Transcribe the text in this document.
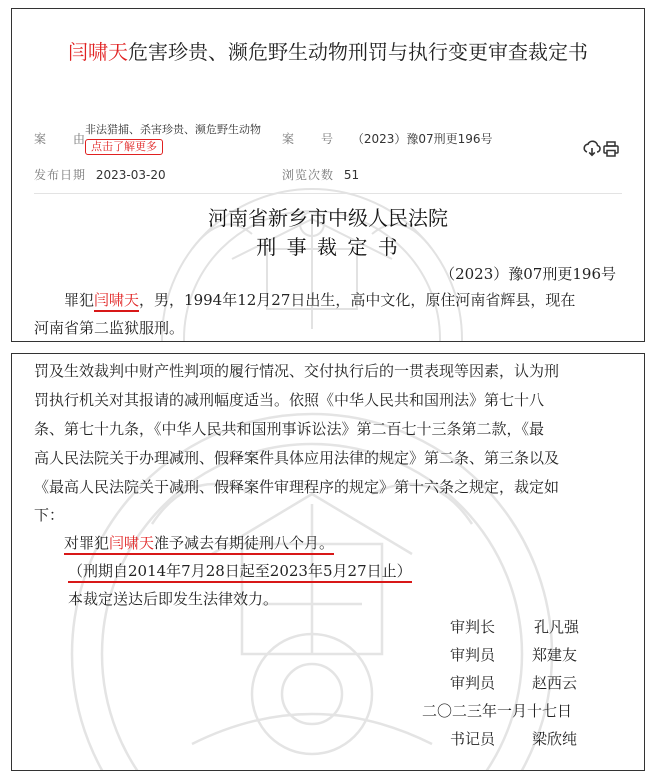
闫啸天危害珍贵、濒危野生动物刑罚与执行变更审查裁定书
案　　由
非法猎捕、杀害珍贵、濒危野生动物
点击了解更多
案　　号 （2023）豫07刑更196号
发布日期 2023-03-20	浏览次数 51
河南省新乡市中级人民法院
刑 事 裁 定 书
（2023）豫07刑更196号
罪犯闫啸天，男，1994年12月27日出生，高中文化，原住河南省辉县，现在
河南省第二监狱服刑。
罚及生效裁判中财产性判项的履行情况、交付执行后的一贯表现等因素，认为刑
罚执行机关对其报请的减刑幅度适当。依照《中华人民共和国刑法》第七十八
条、第七十九条，《中华人民共和国刑事诉讼法》第二百七十三条第二款，《最
高人民法院关于办理减刑、假释案件具体应用法律的规定》第二条、第三条以及
《最高人民法院关于减刑、假释案件审理程序的规定》第十六条之规定，裁定如
下：
对罪犯闫啸天准予减去有期徒刑八个月。
（刑期自2014年7月28日起至2023年5月27日止）
本裁定送达后即发生法律效力。
审判长	孔凡强
审判员 郑建友
审判员 赵西云
二〇二三年一月十七日
书记员 梁欣纯
